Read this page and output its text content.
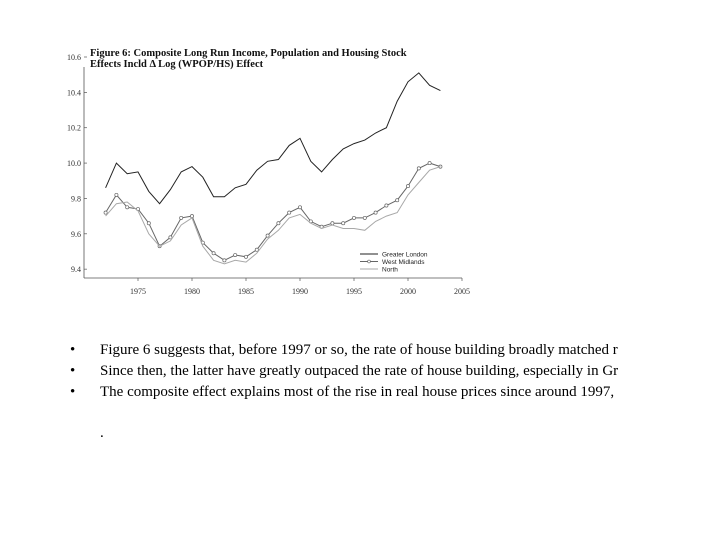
Figure 6: Composite Long Run Income, Population and Housing Stock
Effects Incld Δ Log (WPOP/HS) Effect
9.4
9.6
9.8
10.0
10.2
10.4
10.6
1975	1980	1985	1990	1995	2000	2005
Greater London
West Midlands
North
• Figure 6 suggests that, before 1997 or so, the rate of house building broadly matched r
• Since then, the latter have greatly outpaced the rate of house building, especially in Gr
• The composite effect explains most of the rise in real house prices since around 1997,
.
